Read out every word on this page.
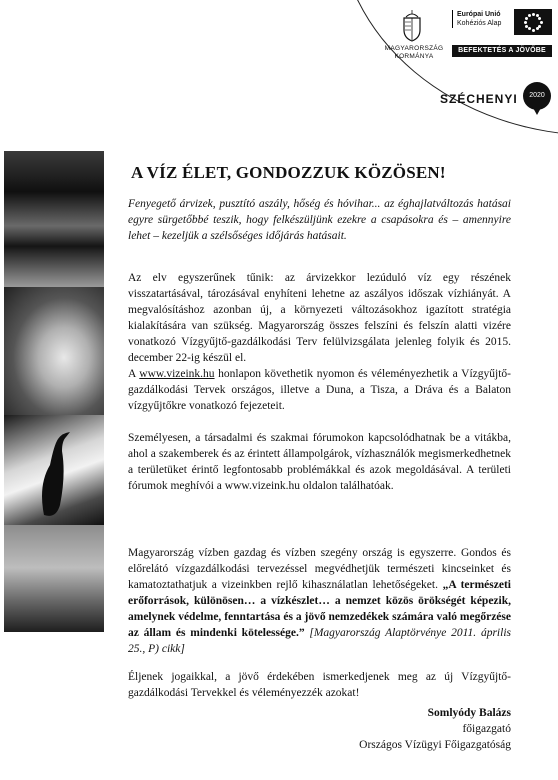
MAGYARORSZÁG KORMÁNYA
Európai Unió
Kohéziós Alap
BEFEKTETÉS A JÖVŐBE
SZÉCHENYI	2020
A VÍZ ÉLET, GONDOZZUK KÖZÖSEN!
Fenyegető árvizek, pusztító aszály, hőség és hóvihar... az éghajlatváltozás hatásai egyre sürgetőbbé teszik, hogy felkészüljünk ezekre a csapásokra és – amennyire lehet – kezeljük a szélsőséges időjárás hatásait.
Az elv egyszerűnek tűnik: az árvizekkor lezúduló víz egy részének visszatartásával, tározásával enyhíteni lehetne az aszályos időszak vízhiányát. A megvalósításhoz azonban új, a környezeti változásokhoz igazított stratégia kialakítására van szükség. Magyarország összes felszíni és felszín alatti vizére vonatkozó Vízgyűjtő-gazdálkodási Terv felülvizsgálata jelenleg folyik és 2015. december 22-ig készül el.
A www.vizeink.hu honlapon követhetik nyomon és véleményezhetik a Vízgyűjtő-gazdálkodási Tervek országos, illetve a Duna, a Tisza, a Dráva és a Balaton vízgyűjtőkre vonatkozó fejezeteit.
Személyesen, a társadalmi és szakmai fórumokon kapcsolódhatnak be a vitákba, ahol a szakemberek és az érintett állampolgárok, vízhasználók megismerkedhetnek a területüket érintő legfontosabb problémákkal és azok megoldásával. A területi fórumok meghívói a www.vizeink.hu oldalon találhatóak.
Magyarország vízben gazdag és vízben szegény ország is egyszerre. Gondos és előrelátó vízgazdálkodási tervezéssel megvédhetjük természeti kincseinket és kamatoztathatjuk a vizeinkben rejlő kihasználatlan lehetőségeket. „A természeti erőforrások, különösen… a vízkészlet… a nemzet közös örökségét képezik, amelynek védelme, fenntartása és a jövő nemzedékek számára való megőrzése az állam és mindenki kötelessége.” [Magyarország Alaptörvénye 2011. április 25., P) cikk]
Éljenek jogaikkal, a jövő érdekében ismerkedjenek meg az új Vízgyűjtő-gazdálkodási Tervekkel és véleményezzék azokat!
Somlyódy Balázs
főigazgató
Országos Vízügyi Főigazgatóság
